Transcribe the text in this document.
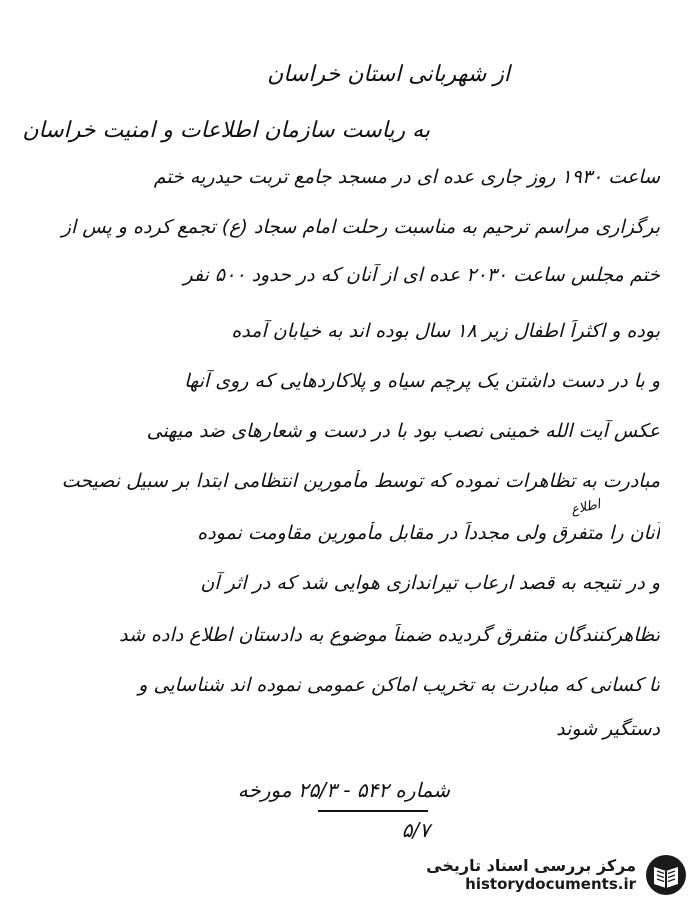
از شهربانی استان خراسان
به ریاست سازمان اطلاعات و امنیت خراسان
ساعت ۱۹۳۰ روز جاری عده ای در مسجد جامع تربت حیدریه ختم
برگزاری مراسم ترحیم به مناسبت رحلت امام سجاد (ع) تجمع کرده و پس از
ختم مجلس ساعت ۲۰۳۰ عده ای از آنان که در حدود ۵۰۰ نفر
بوده و اکثراً اطفال زیر ۱۸ سال بوده اند به خیابان آمده
و با در دست داشتن یک پرچم سیاه و پلاکاردهایی که روی آنها
عکس آیت الله خمینی نصب بود با در دست و شعارهای ضد میهنی
مبادرت به تظاهرات نموده که توسط مأمورین انتظامی ابتدا بر سبیل نصیحت
آنان را متفرق ولی مجدداً در مقابل مأمورین مقاومت نموده
و در نتیجه به قصد ارعاب تیراندازی هوایی شد که در اثر آن
تظاهرکنندگان متفرق گردیده ضمناً موضوع به دادستان اطلاع داده شد
تا کسانی که مبادرت به تخریب اماکن عمومی نموده اند شناسایی و
دستگیر شوند
اطلاع
شماره ۵۴۲ - ۲۵/۳ مورخه
۵/۷
مرکز بررسی اسناد تاریخی
historydocuments.ir
